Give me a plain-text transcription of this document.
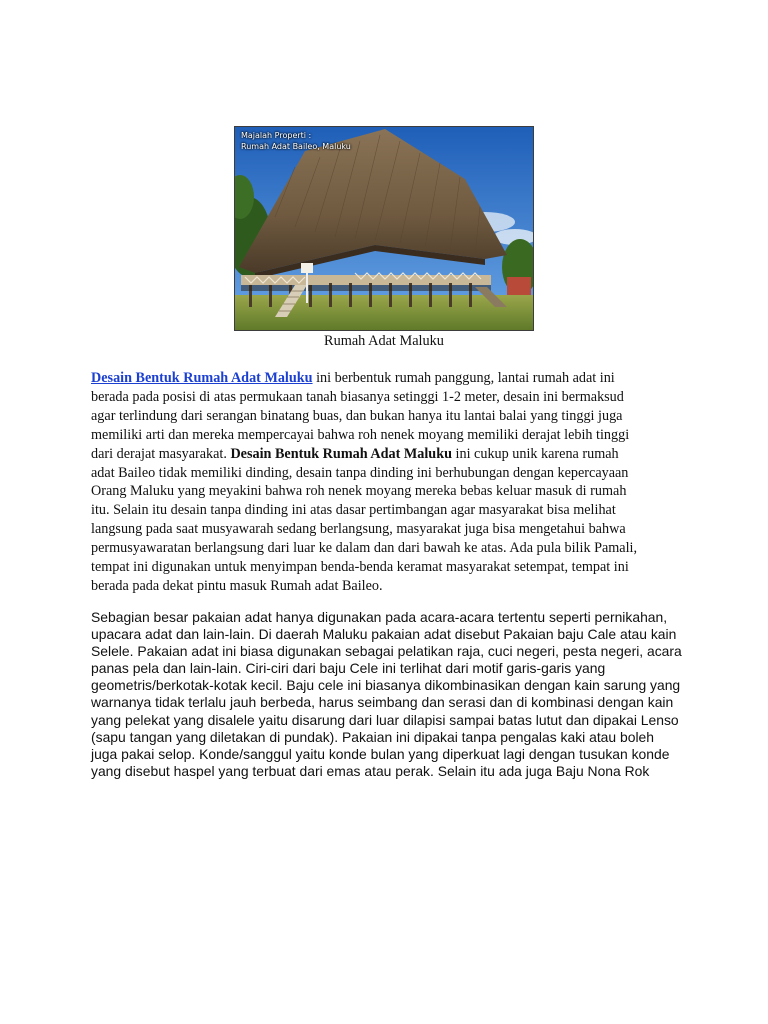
Majalah Properti :
Rumah Adat Baileo, Maluku
Rumah Adat Maluku

Desain Bentuk Rumah Adat Maluku ini berbentuk rumah panggung, lantai rumah adat ini
berada pada posisi di atas permukaan tanah biasanya setinggi 1-2 meter, desain ini bermaksud
agar terlindung dari serangan binatang buas, dan bukan hanya itu lantai balai yang tinggi juga
memiliki arti dan mereka mempercayai bahwa roh nenek moyang memiliki derajat lebih tinggi
dari derajat masyarakat. Desain Bentuk Rumah Adat Maluku ini cukup unik karena rumah
adat Baileo tidak memiliki dinding, desain tanpa dinding ini berhubungan dengan kepercayaan
Orang Maluku yang meyakini bahwa roh nenek moyang mereka bebas keluar masuk di rumah
itu. Selain itu desain tanpa dinding ini atas dasar pertimbangan agar masyarakat bisa melihat
langsung pada saat musyawarah sedang berlangsung, masyarakat juga bisa mengetahui bahwa
permusyawaratan berlangsung dari luar ke dalam dan dari bawah ke atas. Ada pula bilik Pamali,
tempat ini digunakan untuk menyimpan benda-benda keramat masyarakat setempat, tempat ini
berada pada dekat pintu masuk Rumah adat Baileo.

Sebagian besar pakaian adat hanya digunakan pada acara-acara tertentu seperti pernikahan,
upacara adat dan lain-lain. Di daerah Maluku pakaian adat disebut Pakaian baju Cale atau kain
Selele. Pakaian adat ini biasa digunakan sebagai pelatikan raja, cuci negeri, pesta negeri, acara
panas pela dan lain-lain. Ciri-ciri dari baju Cele ini terlihat dari motif garis-garis yang
geometris/berkotak-kotak kecil. Baju cele ini biasanya dikombinasikan dengan kain sarung yang
warnanya tidak terlalu jauh berbeda, harus seimbang dan serasi dan di kombinasi dengan kain
yang pelekat yang disalele yaitu disarung dari luar dilapisi sampai batas lutut dan dipakai Lenso
(sapu tangan yang diletakan di pundak). Pakaian ini dipakai tanpa pengalas kaki atau boleh
juga pakai selop. Konde/sanggul yaitu konde bulan yang diperkuat lagi dengan tusukan konde
yang disebut haspel yang terbuat dari emas atau perak. Selain itu ada juga Baju Nona Rok
